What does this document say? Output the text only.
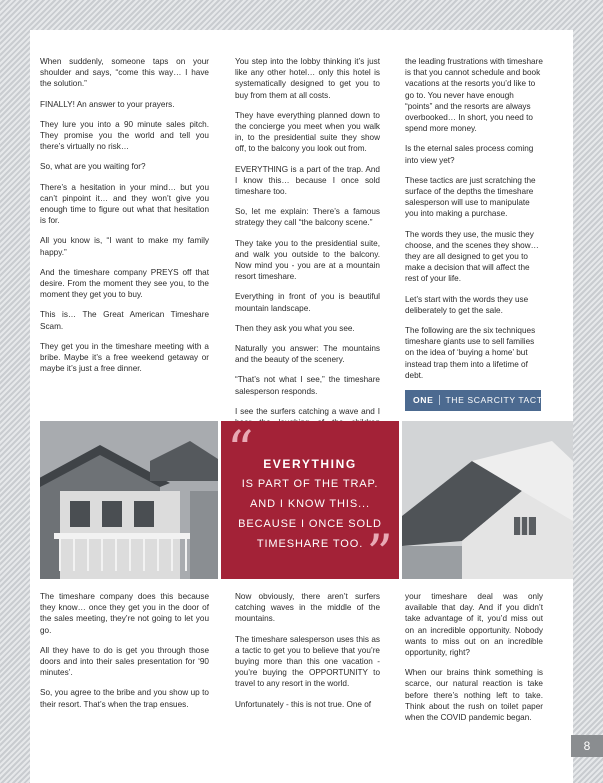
When suddenly, someone taps on your shoulder and says, “come this way… I have the solution.”

FINALLY! An answer to your prayers.

They lure you into a 90 minute sales pitch. They promise you the world and tell you there’s virtually no risk…

So, what are you waiting for?

There’s a hesitation in your mind… but you can’t pinpoint it… and they won’t give you enough time to figure out what that hesitation is for.

All you know is, “I want to make my family happy.”

And the timeshare company PREYS off that desire. From the moment they see you, to the moment they get you to buy.

This is… The Great American Timeshare Scam.

They get you in the timeshare meeting with a bribe. Maybe it’s a free weekend getaway or maybe it’s just a free dinner.

You step into the lobby thinking it’s just like any other hotel… only this hotel is systematically designed to get you to buy from them at all costs.

They have everything planned down to the concierge you meet when you walk in, to the presidential suite they show off, to the balcony you look out from.

EVERYTHING is a part of the trap. And I know this… because I once sold timeshare too.

So, let me explain: There’s a famous strategy they call “the balcony scene.”

They take you to the presidential suite, and walk you outside to the balcony. Now mind you - you are at a mountain resort timeshare.

Everything in front of you is beautiful mountain landscape.

Then they ask you what you see.

Naturally you answer: The mountains and the beauty of the scenery.

“That’s not what I see,” the timeshare salesperson responds.

I see the surfers catching a wave and I

the leading frustrations with timeshare is that you cannot schedule and book vacations at the resorts you’d like to go to. You never have enough “points” and the resorts are always overbooked… In short, you need to spend more money.

Is the eternal sales process coming into view yet?

These tactics are just scratching the surface of the depths the timeshare salesperson will use to manipulate you into making a purchase.

The words they use, the music they choose, and the scenes they show… they are all designed to get you to make a decision that will affect the rest of your life.

Let’s start with the words they use deliberately to get the sale.

The following are the six techniques timeshare giants use to sell families on the idea of ‘buying a home’ but instead trap them into a lifetime of debt.

ONE THE SCARCITY TACTIC

“ EVERYTHING
IS PART OF THE TRAP.
AND I KNOW THIS...
BECAUSE I ONCE SOLD
TIMESHARE TOO. ”

The timeshare company does this because they know… once they get you in the door of the sales meeting, they’re not going to let you go.

All they have to do is get you through those doors and into their sales presentation for ‘90 minutes’.

So, you agree to the bribe and you show up to their resort. That’s when the trap ensues.

Now obviously, there aren’t surfers catching waves in the middle of the mountains.

The timeshare salesperson uses this as a tactic to get you to believe that you’re buying more than this one vacation - you’re buying the OPPORTUNITY to travel to any resort in the world.

Unfortunately - this is not true. One of

your timeshare deal was only available that day. And if you didn’t take advantage of it, you’d miss out on an incredible opportunity. Nobody wants to miss out on an incredible opportunity, right?

When our brains think something is scarce, our natural reaction is take before there’s nothing left to take. Think about the rush on toilet paper when the COVID pandemic began.

8
